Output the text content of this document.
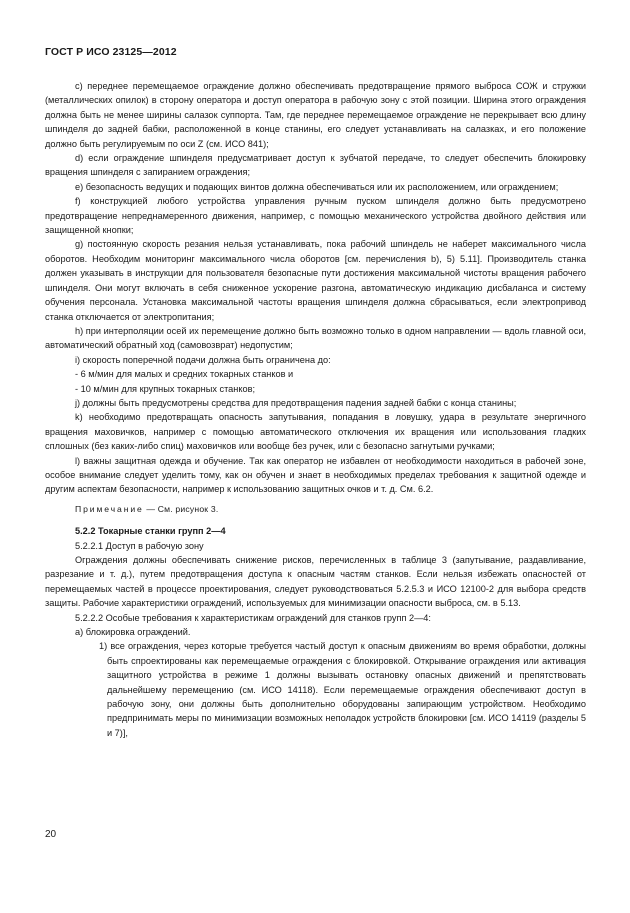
ГОСТ Р ИСО 23125—2012

c) переднее перемещаемое ограждение должно обеспечивать предотвращение прямого выброса СОЖ и стружки (металлических опилок) в сторону оператора и доступ оператора в рабочую зону с этой позиции. Ширина этого ограждения должна быть не менее ширины салазок суппорта. Там, где переднее перемещаемое ограждение не перекрывает всю длину шпинделя до задней бабки, расположенной в конце станины, его следует устанавливать на салазках, и его положение должно быть регулируемым по оси Z (см. ИСО 841);

d) если ограждение шпинделя предусматривает доступ к зубчатой передаче, то следует обеспечить блокировку вращения шпинделя с запиранием ограждения;

e) безопасность ведущих и подающих винтов должна обеспечиваться или их расположением, или ограждением;

f) конструкцией любого устройства управления ручным пуском шпинделя должно быть предусмотрено предотвращение непреднамеренного движения, например, с помощью механического устройства двойного действия или защищенной кнопки;

g) постоянную скорость резания нельзя устанавливать, пока рабочий шпиндель не наберет максимального числа оборотов. Необходим мониторинг максимального числа оборотов [см. перечисления b), 5) 5.11]. Производитель станка должен указывать в инструкции для пользователя безопасные пути достижения максимальной чистоты вращения рабочего шпинделя. Они могут включать в себя сниженное ускорение разгона, автоматическую индикацию дисбаланса и систему обучения персонала. Установка максимальной частоты вращения шпинделя должна сбрасываться, если электропривод станка отключается от электропитания;

h) при интерполяции осей их перемещение должно быть возможно только в одном направлении — вдоль главной оси, автоматический обратный ход (самовозврат) недопустим;

i) скорость поперечной подачи должна быть ограничена до:

- 6 м/мин для малых и средних токарных станков и

- 10 м/мин для крупных токарных станков;

j) должны быть предусмотрены средства для предотвращения падения задней бабки с конца станины;

k) необходимо предотвращать опасность запутывания, попадания в ловушку, удара в результате энергичного вращения маховичков, например с помощью автоматического отключения их вращения или использования гладких сплошных (без каких-либо спиц) маховичков или вообще без ручек, или с безопасно загнутыми ручками;

l) важны защитная одежда и обучение. Так как оператор не избавлен от необходимости находиться в рабочей зоне, особое внимание следует уделить тому, как он обучен и знает в необходимых пределах требования к защитной одежде и другим аспектам безопасности, например к использованию защитных очков и т. д. См. 6.2.

Примечание — См. рисунок 3.

5.2.2 Токарные станки групп 2—4

5.2.2.1 Доступ в рабочую зону

Ограждения должны обеспечивать снижение рисков, перечисленных в таблице 3 (запутывание, раздавливание, разрезание и т. д.), путем предотвращения доступа к опасным частям станков. Если нельзя избежать опасностей от перемещаемых частей в процессе проектирования, следует руководствоваться 5.2.5.3 и ИСО 12100-2 для выбора средств защиты. Рабочие характеристики ограждений, используемых для минимизации опасности выброса, см. в 5.13.

5.2.2.2 Особые требования к характеристикам ограждений для станков групп 2—4:

a) блокировка ограждений.

1) все ограждения, через которые требуется частый доступ к опасным движениям во время обработки, должны быть спроектированы как перемещаемые ограждения с блокировкой. Открывание ограждения или активация защитного устройства в режиме 1 должны вызывать остановку опасных движений и препятствовать дальнейшему перемещению (см. ИСО 14118). Если перемещаемые ограждения обеспечивают доступ в рабочую зону, они должны быть дополнительно оборудованы запирающим устройством. Необходимо предпринимать меры по минимизации возможных неполадок устройств блокировки [см. ИСО 14119 (разделы 5 и 7)],

20
